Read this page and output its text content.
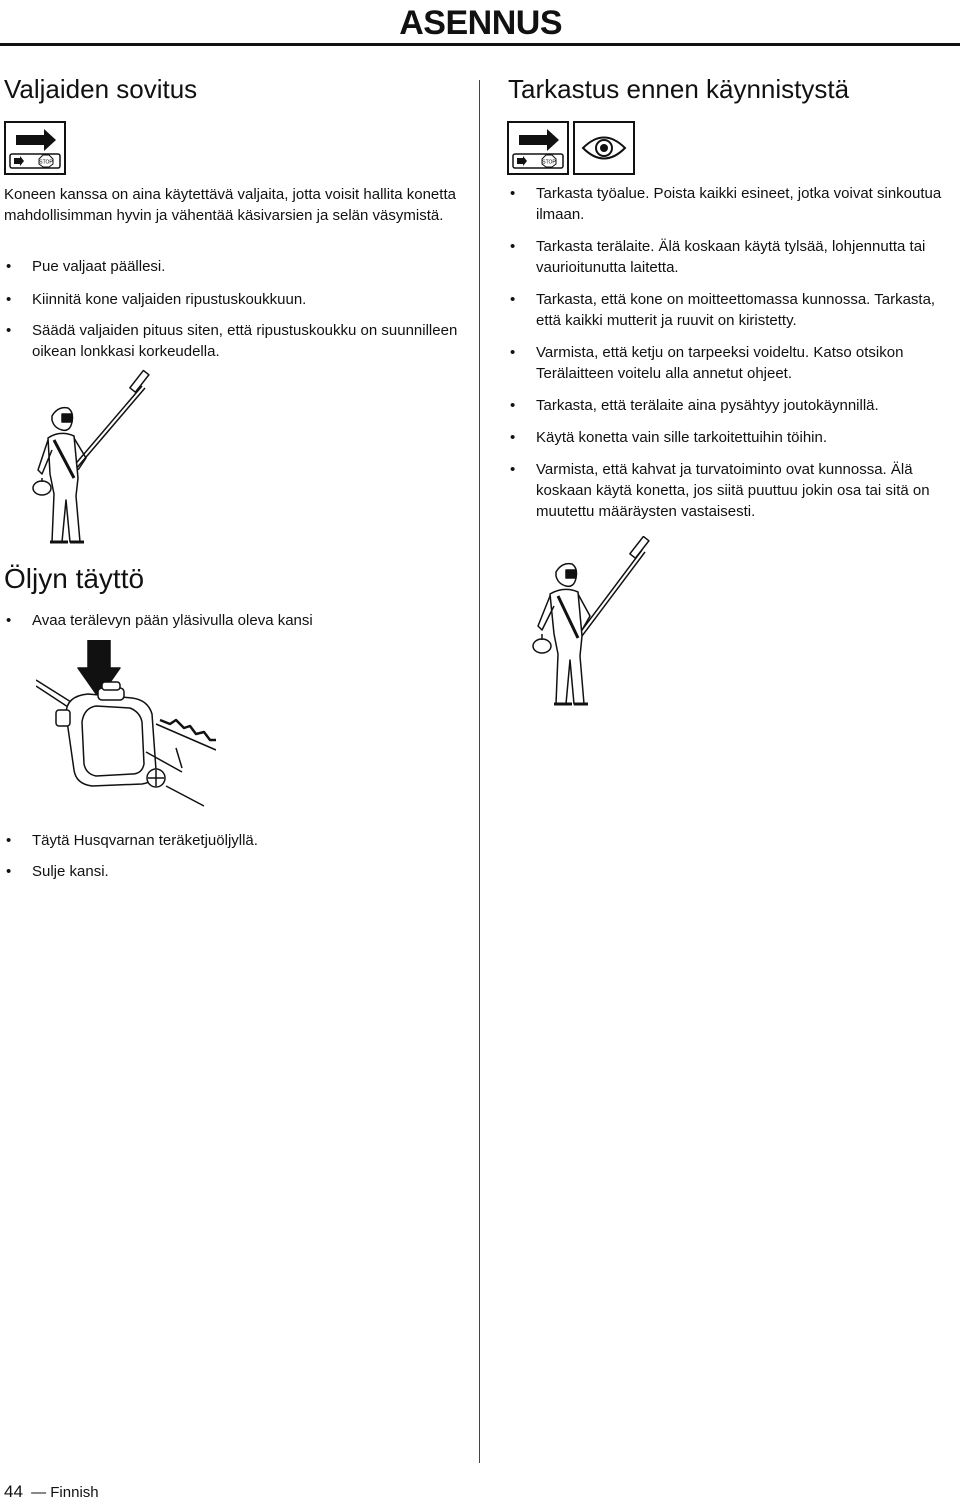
ASENNUS
Valjaiden sovitus
STOP

Koneen kanssa on aina käytettävä valjaita, jotta voisit hallita konetta mahdollisimman hyvin ja vähentää käsivarsien ja selän väsymistä.

• Pue valjaat päällesi.
• Kiinnitä kone valjaiden ripustuskoukkuun.
• Säädä valjaiden pituus siten, että ripustuskoukku on suunnilleen oikean lonkkasi korkeudella.
Öljyn täyttö
• Avaa terälevyn pään yläsivulla oleva kansi
• Täytä Husqvarnan teräketjuöljyllä.
• Sulje kansi.
Tarkastus ennen käynnistystä
STOP
• Tarkasta työalue. Poista kaikki esineet, jotka voivat sinkoutua ilmaan.
• Tarkasta terälaite. Älä koskaan käytä tylsää, lohjennutta tai vaurioitunutta laitetta.
• Tarkasta, että kone on moitteettomassa kunnossa. Tarkasta, että kaikki mutterit ja ruuvit on kiristetty.
• Varmista, että ketju on tarpeeksi voideltu. Katso otsikon Terälaitteen voitelu alla annetut ohjeet.
• Tarkasta, että terälaite aina pysähtyy joutokäynnillä.
• Käytä konetta vain sille tarkoitettuihin töihin.
• Varmista, että kahvat ja turvatoiminto ovat kunnossa. Älä koskaan käytä konetta, jos siitä puuttuu jokin osa tai sitä on muutettu määräysten vastaisesti.
44 — Finnish
